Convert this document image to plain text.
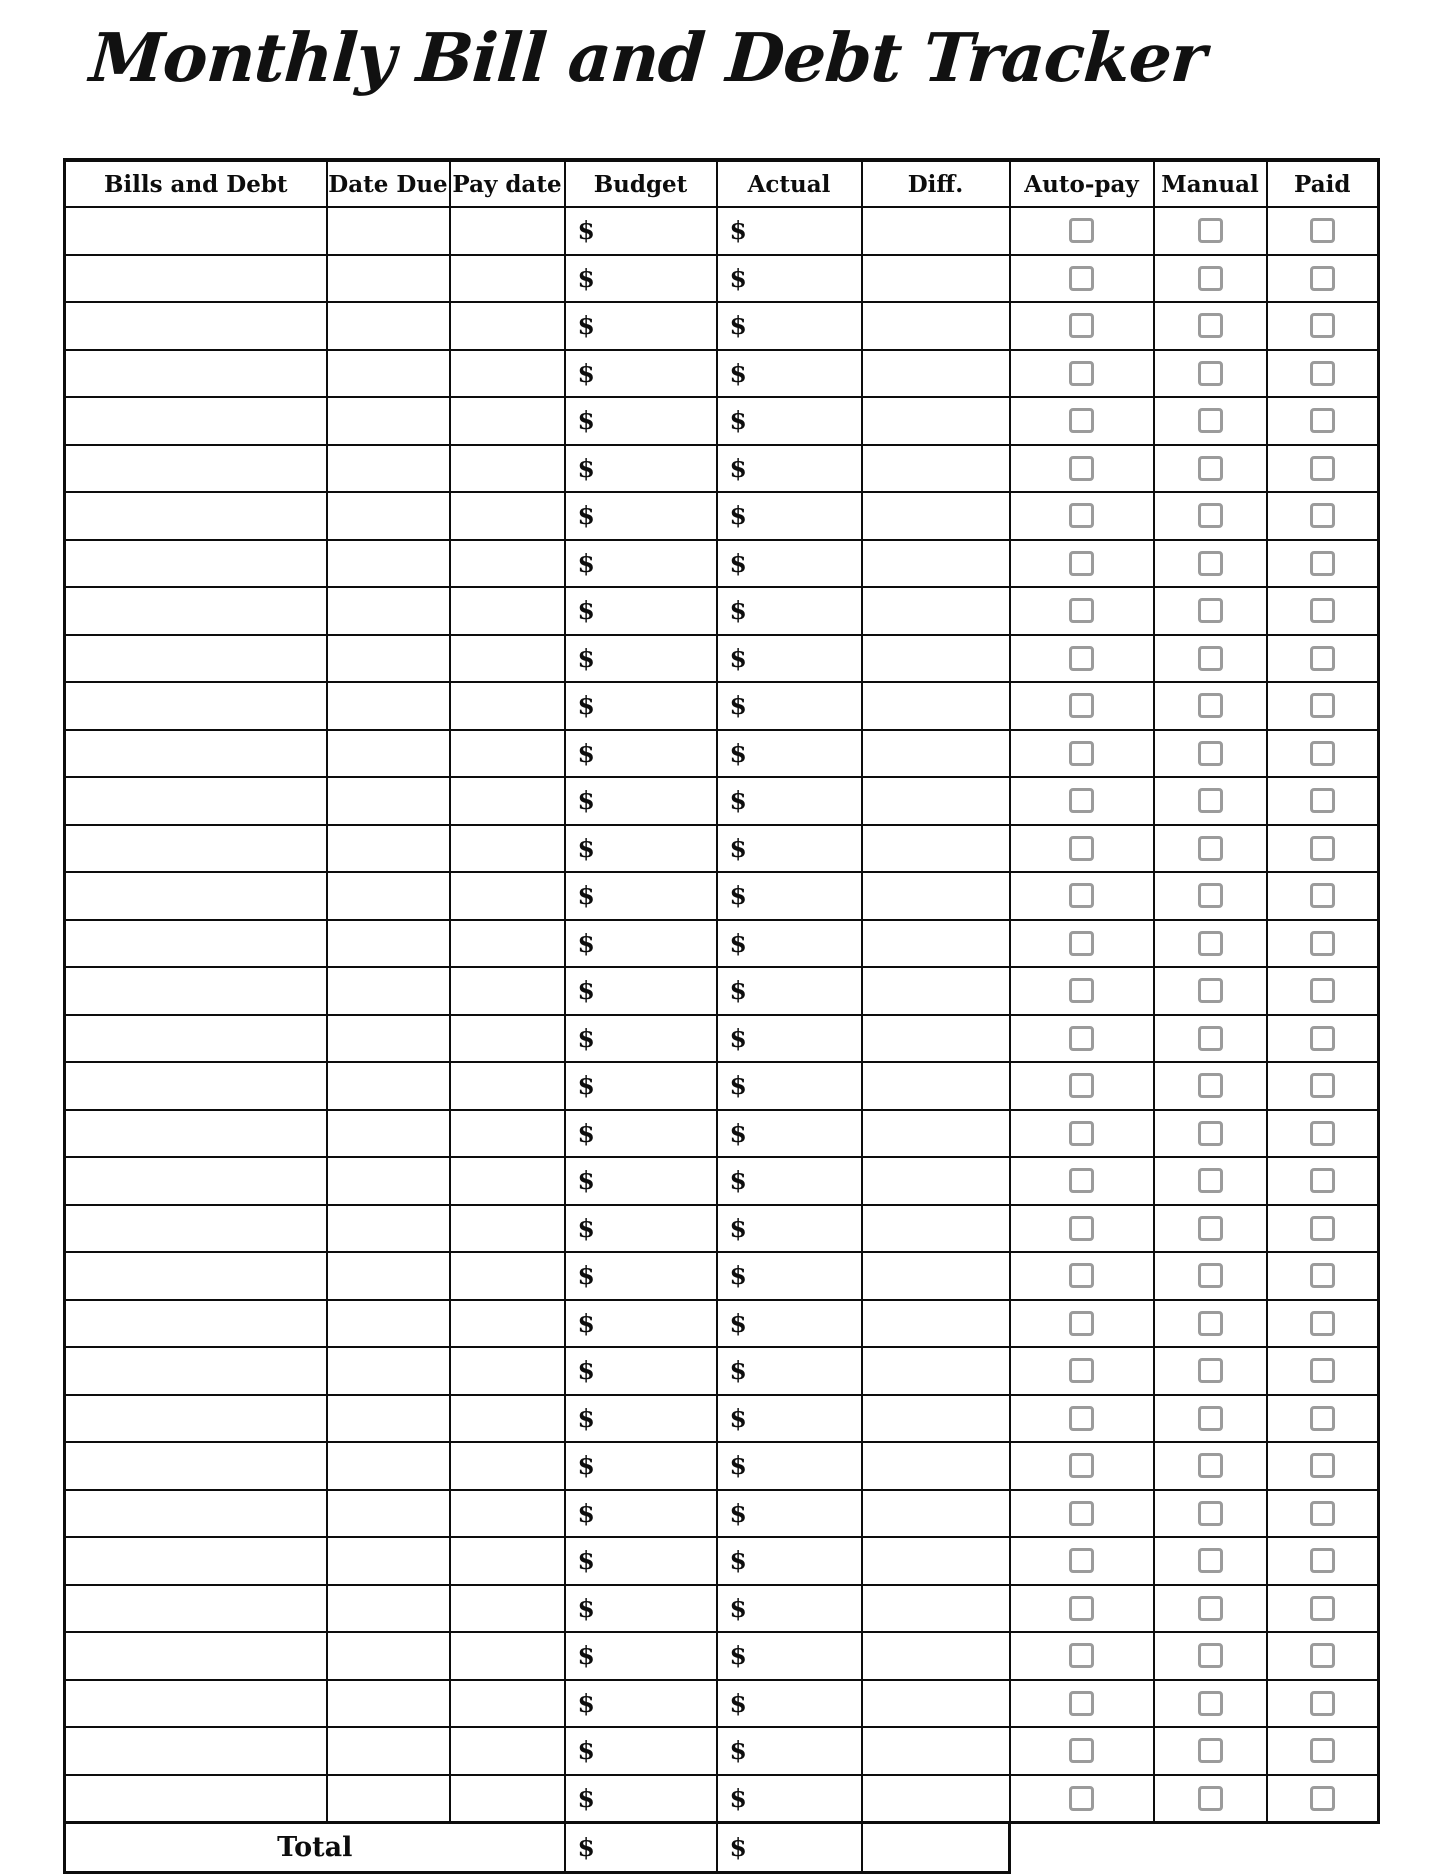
Monthly Bill and Debt Tracker
Bills and Debt	Date Due	Pay date	Budget	Actual	Diff.	Auto-pay	Manual	Paid
			$	$				
			$	$				
			$	$				
			$	$				
			$	$				
			$	$				
			$	$				
			$	$				
			$	$				
			$	$				
			$	$				
			$	$				
			$	$				
			$	$				
			$	$				
			$	$				
			$	$				
			$	$				
			$	$				
			$	$				
			$	$				
			$	$				
			$	$				
			$	$				
			$	$				
			$	$				
			$	$				
			$	$				
			$	$				
			$	$				
			$	$				
			$	$				
			$	$				
			$	$				
Total			$	$				
